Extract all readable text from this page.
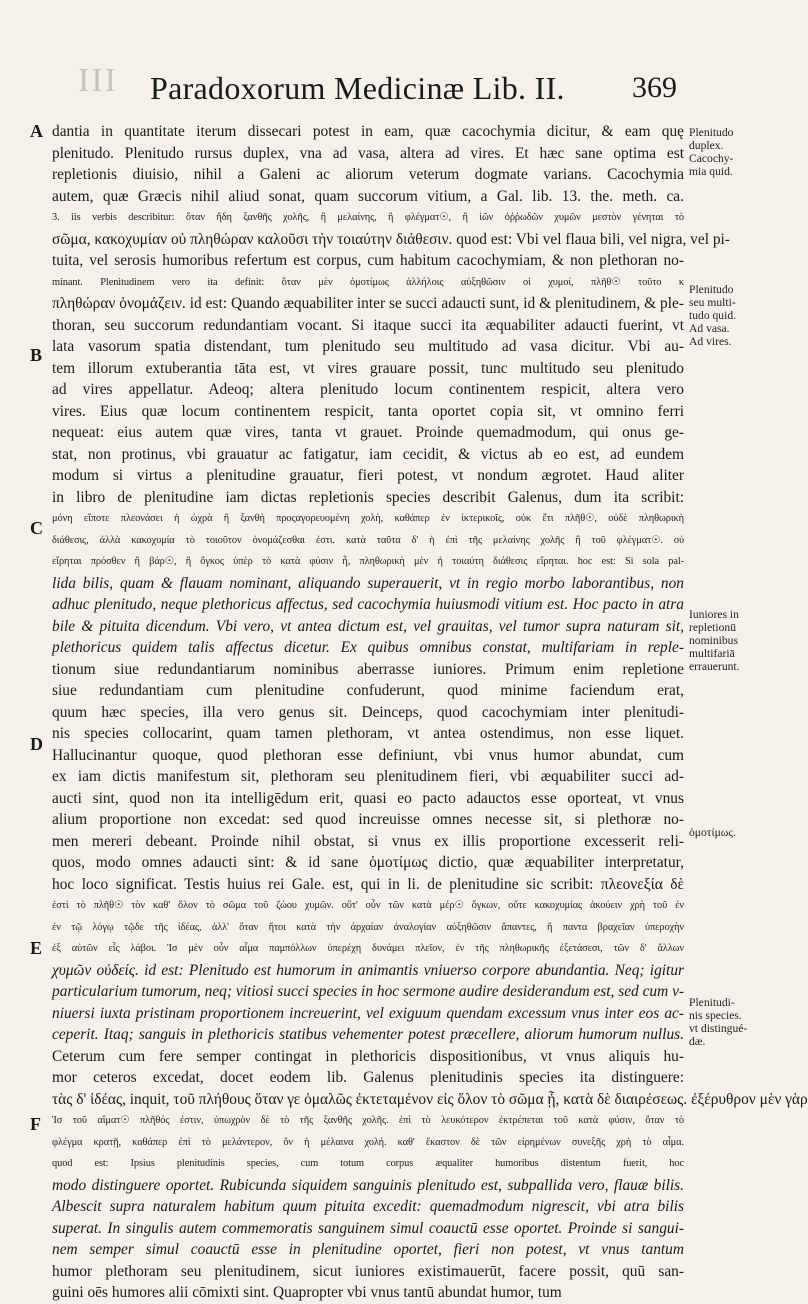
III Paradoxorum Medicinæ Lib. II.	369
A
B
C
D
E
F
Plenitudo
duplex.
Cacochy-
mia quid.
Plenitudo
seu multi-
tudo quid.
Ad vasa.
Ad vires.
Iuniores in
repletionū
nominibus
multifariā
errauerunt.
ὁμοτίμως.
Plenitudi-
nis species.
vt distingué-
dæ.
dantia in quantitate iterum dissecari potest in eam, quæ cacochymia dicitur, & eam quę
plenitudo. Plenitudo rursus duplex, vna ad vasa, altera ad vires. Et hæc sane optima est
repletionis diuisio, nihil a Galeni ac aliorum veterum dogmate varians. Cacochymia
autem, quæ Græcis nihil aliud sonat, quam succorum vitium, a Gal. lib. 13. the. meth. ca.
3. iis verbis describitur: ὅταν ἤδη ξανθῆς χολῆς, ἢ μελαίνης, ἢ φλέγματ☉, ἢ ἰῶν ὀῤῥωδῶν χυμῶν μεστὸν γένηται τὸ
σῶμα, κακοχυμίαν οὐ πληθώραν καλοῦσι τὴν τοιαύτην διάθεσιν. quod est: Vbi vel flaua bili, vel nigra, vel pi-
tuita, vel serosis humoribus refertum est corpus, cum habitum cacochymiam, & non plethoran no-
minant. Plenitudinem vero ita definit: ὅταν μὲν ὁμοτίμως ἀλλήλοις αὐξηθῶσιν οἱ χυμοί, πλῆθ☉ τοῦτο κ
πληθώραν ὀνομάζειν. id est: Quando æquabiliter inter se succi adaucti sunt, id & plenitudinem, & ple-
thoran, seu succorum redundantiam vocant. Si itaque succi ita æquabiliter adaucti fuerint, vt
lata vasorum spatia distendant, tum plenitudo seu multitudo ad vasa dicitur. Vbi au-
tem illorum extuberantia tāta est, vt vires grauare possit, tunc multitudo seu plenitudo
ad vires appellatur. Adeoq; altera plenitudo locum continentem respicit, altera vero
vires. Eius quæ locum continentem respicit, tanta oportet copia sit, vt omnino ferri
nequeat: eius autem quæ vires, tanta vt grauet. Proinde quemadmodum, qui onus ge-
stat, non protinus, vbi grauatur ac fatigatur, iam cecidit, & victus ab eo est, ad eundem
modum si virtus a plenitudine grauatur, fieri potest, vt nondum ægrotet. Haud aliter
in libro de plenitudine iam dictas repletionis species describit Galenus, dum ita scribit:
μόνη εἴποτε πλεονάσει ἡ ὠχρὰ ἢ ξανθὴ προςαγορευομένη χολὴ, καθάπερ ἐν ἰκτερικοῖς, οὐκ ἔτι πλῆθ☉, οὐδὲ πληθωρικὴ
διάθεσις, ἀλλὰ κακοχυμία τὸ τοιοῦτον ὀνομάζεσθαι ἐστι. κατὰ ταῦτα δ' ἡ ἐπὶ τῆς μελαίνης χολῆς ἢ τοῦ φλέγματ☉. οὐ
εἴρηται πρόσθεν ἢ βάρ☉, ἢ ὄγκος ὑπὲρ τὸ κατὰ φύσιν ἦ, πληθωρικὴ μὲν ἡ τοιαύτη διάθεσις εἴρηται. hoc est: Si sola pal-
lida bilis, quam & flauam nominant, aliquando superauerit, vt in regio morbo laborantibus, non
adhuc plenitudo, neque plethoricus affectus, sed cacochymia huiusmodi vitium est. Hoc pacto in atra
bile & pituita dicendum. Vbi vero, vt antea dictum est, vel grauitas, vel tumor supra naturam sit,
plethoricus quidem talis affectus dicetur. Ex quibus omnibus constat, multifariam in reple-
tionum siue redundantiarum nominibus aberrasse iuniores. Primum enim repletione
siue redundantiam cum plenitudine confuderunt, quod minime faciendum erat,
quum hæc species, illa vero genus sit. Deinceps, quod cacochymiam inter plenitudi-
nis species collocarint, quam tamen plethoram, vt antea ostendimus, non esse liquet.
Hallucinantur quoque, quod plethoran esse definiunt, vbi vnus humor abundat, cum
ex iam dictis manifestum sit, plethoram seu plenitudinem fieri, vbi æquabiliter succi ad-
aucti sint, quod non ita intelligēdum erit, quasi eo pacto adauctos esse oporteat, vt vnus
alium proportione non excedat: sed quod increuisse omnes necesse sit, si plethoræ no-
men mereri debeant. Proinde nihil obstat, si vnus ex illis proportione excesserit reli-
quos, modo omnes adaucti sint: & id sane ὁμοτίμως dictio, quæ æquabiliter interpretatur,
hoc loco significat. Testis huius rei Gale. est, qui in li. de plenitudine sic scribit: πλεονεξία δὲ
ἐστὶ τὸ πλῆθ☉ τὸν καθ' ὅλον τὸ σῶμα τοῦ ζώου χυμῶν. οὔτ' οὖν τῶν κατὰ μέρ☉ ὄγκων, οὔτε κακοχυμίας ἀκούειν χρὴ τοῦ ἐν
ἐν τῷ λόγῳ τῷδε τῆς ἰδέας, ἀλλ' ὅταν ἤτοι κατὰ τὴν ἀρχαίαν ἀναλογίαν αὐξηθῶσιν ἅπαντες, ἢ παντα βραχεῖαν ὑπεροχὴν
ἐξ αὐτῶν εἷς λάβοι. Ἰσ μὲν οὖν αἷμα παμπόλλων ὑπερέχη δυνάμει πλεῖον, ἐν τῆς πληθωρικῆς ἐξετάσεσι, τῶν δ' ἄλλων
χυμῶν οὐδείς. id est: Plenitudo est humorum in animantis vniuerso corpore abundantia. Neq; igitur
particularium tumorum, neq; vitiosi succi species in hoc sermone audire desiderandum est, sed cum v-
niuersi iuxta pristinam proportionem increuerint, vel exiguum quendam excessum vnus inter eos ac-
ceperit. Itaq; sanguis in plethoricis statibus vehementer potest præcellere, aliorum humorum nullus.
Ceterum cum fere semper contingat in plethoricis dispositionibus, vt vnus aliquis hu-
mor ceteros excedat, docet eodem lib. Galenus plenitudinis species ita distinguere:
τὰς δ' ἰδέας, inquit, τοῦ πλήθους ὅταν γε ὁμαλῶς ἐκτεταμένον εἰς ὅλον τὸ σῶμα ᾖ, κατὰ δὲ διαιρέσεως. ἐξέρυθρον μὲν γὰρ
Ἰσ τοῦ αἵματ☉ πλῆθός ἐστιν, ὑπωχρὸν δὲ τὸ τῆς ξανθῆς χολῆς. ἐπὶ τὸ λευκότερον ἐκτρέπεται τοῦ κατὰ φύσιν, ὅταν τὸ
φλέγμα κρατῇ, καθάπερ ἐπὶ τὸ μελάντερον, ὅν ἡ μέλαινα χολή. καθ' ἕκαστον δὲ τῶν εἰρημένων συνεξῆς χρὴ τὸ αἷμα.
quod est: Ipsius plenitudinis species, cum totum corpus æqualiter humoribus distentum fuerit, hoc
modo distinguere oportet. Rubicunda siquidem sanguinis plenitudo est, subpallida vero, flauæ bilis.
Albescit supra naturalem habitum quum pituita excedit: quemadmodum nigrescit, vbi atra bilis
superat. In singulis autem commemoratis sanguinem simul coauctū esse oportet. Proinde si sangui-
nem semper simul coauctū esse in plenitudine oportet, fieri non potest, vt vnus tantum
humor plethoram seu plenitudinem, sicut iuniores existimauerūt, facere possit, quū san-
guini oēs humores alii cōmixti sint. Quapropter vbi vnus tantū abundat humor, tum
